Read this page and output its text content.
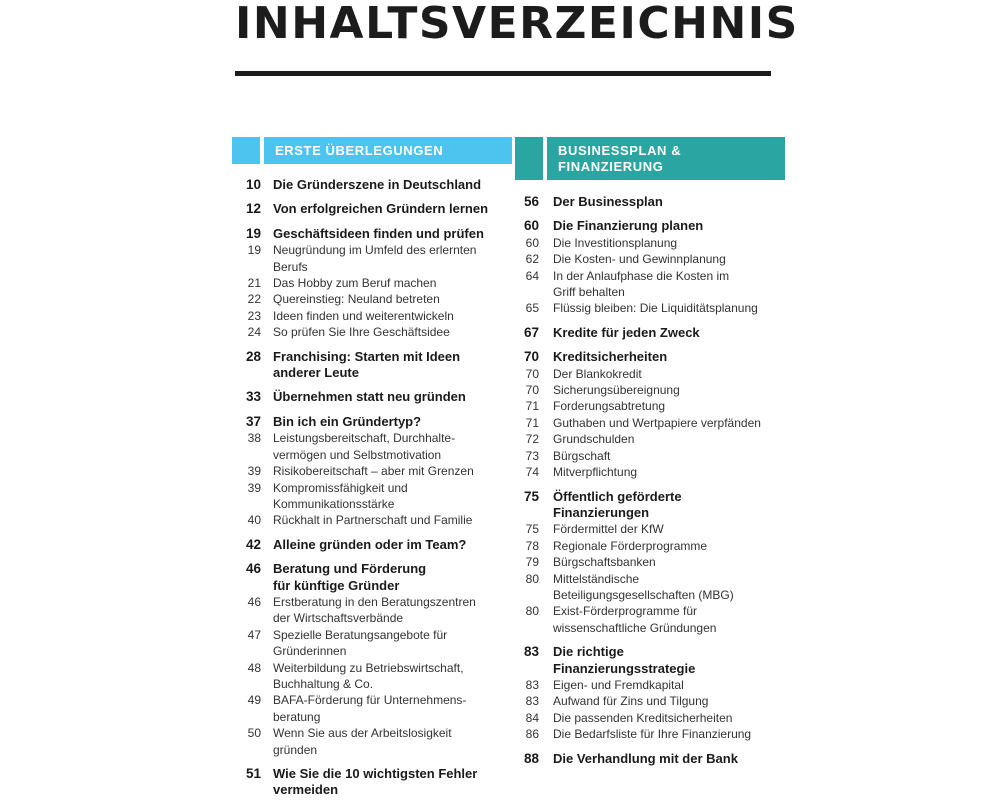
INHALTSVERZEICHNIS
ERSTE ÜBERLEGUNGEN
10 Die Gründerszene in Deutschland
12 Von erfolgreichen Gründern lernen
19 Geschäftsideen finden und prüfen
19	Neugründung im Umfeld des erlernten
Berufs
21	Das Hobby zum Beruf machen
22	Quereinstieg: Neuland betreten
23	Ideen finden und weiterentwickeln
24	So prüfen Sie Ihre Geschäftsidee
28 Franchising: Starten mit Ideen
anderer Leute
33 Übernehmen statt neu gründen
37 Bin ich ein Gründertyp?
38	Leistungsbereitschaft, Durchhalte-
vermögen und Selbstmotivation
39	Risikobereitschaft – aber mit Grenzen
39	Kompromissfähigkeit und
Kommunikationsstärke
40	Rückhalt in Partnerschaft und Familie
42 Alleine gründen oder im Team?
46 Beratung und Förderung
für künftige Gründer
46	Erstberatung in den Beratungszentren
der Wirtschaftsverbände
47	Spezielle Beratungsangebote für
Gründerinnen
48	Weiterbildung zu Betriebswirtschaft,
Buchhaltung & Co.
49	BAFA-Förderung für Unternehmens-
beratung
50	Wenn Sie aus der Arbeitslosigkeit
gründen
51 Wie Sie die 10 wichtigsten Fehler
vermeiden
BUSINESSPLAN &
FINANZIERUNG
56	Der Businessplan
60	Die Finanzierung planen
60	Die Investitionsplanung
62	Die Kosten- und Gewinnplanung
64	In der Anlaufphase die Kosten im
Griff behalten
65	Flüssig bleiben: Die Liquiditätsplanung
67	Kredite für jeden Zweck
70	Kreditsicherheiten
70	Der Blankokredit
70	Sicherungsübereignung
71	Forderungsabtretung
71	Guthaben und Wertpapiere verpfänden
72	Grundschulden
73	Bürgschaft
74	Mitverpflichtung
75	Öffentlich geförderte
Finanzierungen
75	Fördermittel der KfW
78	Regionale Förderprogramme
79	Bürgschaftsbanken
80	Mittelständische
Beteiligungsgesellschaften (MBG)
80	Exist-Förderprogramme für
wissenschaftliche Gründungen
83	Die richtige
Finanzierungsstrategie
83	Eigen- und Fremdkapital
83	Aufwand für Zins und Tilgung
84	Die passenden Kreditsicherheiten
86	Die Bedarfsliste für Ihre Finanzierung
88	Die Verhandlung mit der Bank
